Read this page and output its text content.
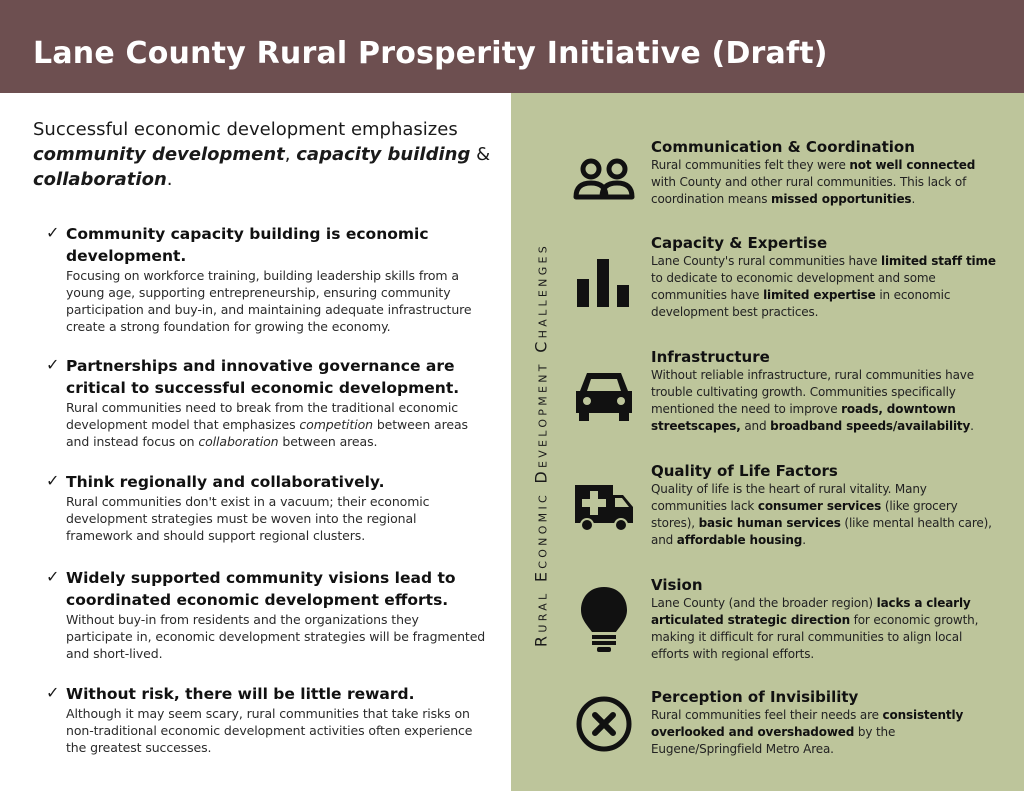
Lane County Rural Prosperity Initiative (Draft)
Successful economic development emphasizes community development, capacity building & collaboration.
✓ Community capacity building is economic development.
Focusing on workforce training, building leadership skills from a young age, supporting entrepreneurship, ensuring community participation and buy-in, and maintaining adequate infrastructure create a strong foundation for growing the economy.
✓ Partnerships and innovative governance are critical to successful economic development.
Rural communities need to break from the traditional economic development model that emphasizes competition between areas and instead focus on collaboration between areas.
✓ Think regionally and collaboratively.
Rural communities don't exist in a vacuum; their economic development strategies must be woven into the regional framework and should support regional clusters.
✓ Widely supported community visions lead to coordinated economic development efforts.
Without buy-in from residents and the organizations they participate in, economic development strategies will be fragmented and short-lived.
✓ Without risk, there will be little reward.
Although it may seem scary, rural communities that take risks on non-traditional economic development activities often experience the greatest successes.
Rural Economic Development Challenges
Communication & Coordination
Rural communities felt they were not well connected with County and other rural communities. This lack of coordination means missed opportunities.
Capacity & Expertise
Lane County's rural communities have limited staff time to dedicate to economic development and some communities have limited expertise in economic development best practices.
Infrastructure
Without reliable infrastructure, rural communities have trouble cultivating growth. Communities specifically mentioned the need to improve roads, downtown streetscapes, and broadband speeds/availability.
Quality of Life Factors
Quality of life is the heart of rural vitality. Many communities lack consumer services (like grocery stores), basic human services (like mental health care), and affordable housing.
Vision
Lane County (and the broader region) lacks a clearly articulated strategic direction for economic growth, making it difficult for rural communities to align local efforts with regional efforts.
Perception of Invisibility
Rural communities feel their needs are consistently overlooked and overshadowed by the Eugene/Springfield Metro Area.
